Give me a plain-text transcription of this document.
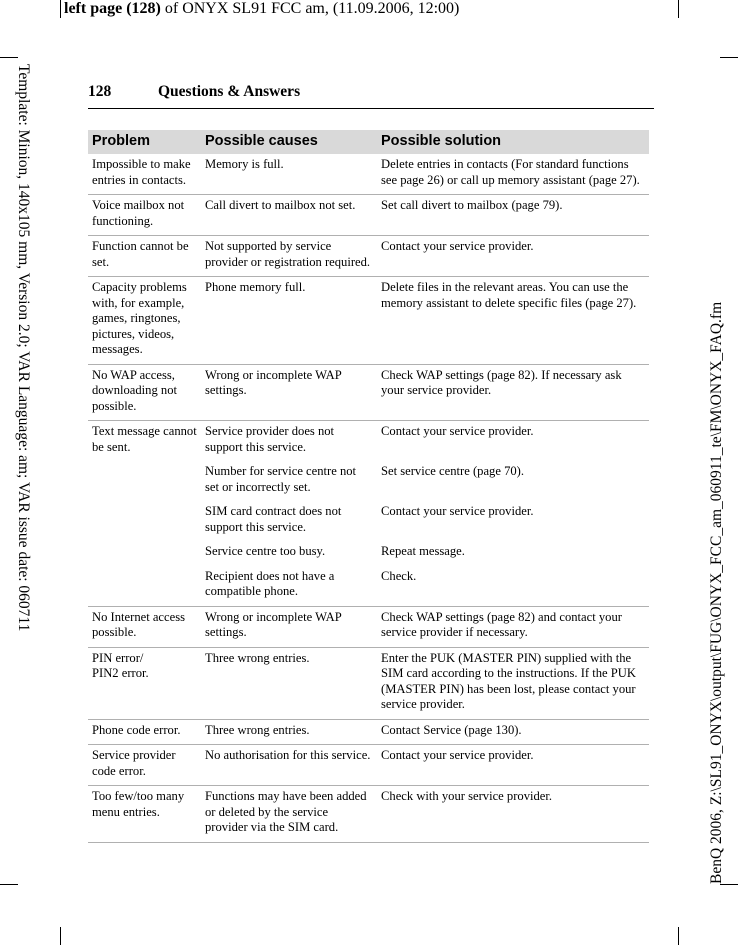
left page (128) of ONYX SL91 FCC am, (11.09.2006, 12:00)
Template: Minion, 140x105 mm, Version 2.0; VAR Language: am; VAR issue date: 060711	BenQ 2006, Z:\SL91_ONYX\output\FUG\ONYX_FCC_am_060911_te\FM\ONYX_FAQ.fm
128	Questions & Answers
Problem	Possible causes	Possible solution
Impossible to make entries in contacts.	Memory is full.	Delete entries in contacts (For standard functions see page 26) or call up memory assistant (page 27).
Voice mailbox not functioning.	Call divert to mailbox not set.	Set call divert to mailbox (page 79).
Function cannot be set.	Not supported by service provider or registration required.	Contact your service provider.
Capacity problems with, for example, games, ringtones, pictures, videos, messages.	Phone memory full.	Delete files in the relevant areas. You can use the memory assistant to delete specific files (page 27).
No WAP access, downloading not possible.	Wrong or incomplete WAP settings.	Check WAP settings (page 82). If necessary ask your service provider.
Text message cannot be sent.	Service provider does not support this service.	Contact your service provider.
	Number for service centre not set or incorrectly set.	Set service centre (page 70).
	SIM card contract does not support this service.	Contact your service provider.
	Service centre too busy.	Repeat message.
	Recipient does not have a compatible phone.	Check.
No Internet access possible.	Wrong or incomplete WAP settings.	Check WAP settings (page 82) and contact your service provider if necessary.
PIN error/
PIN2 error.	Three wrong entries.	Enter the PUK (MASTER PIN) supplied with the SIM card according to the instructions. If the PUK (MASTER PIN) has been lost, please contact your service provider.
Phone code error.	Three wrong entries.	Contact Service (page 130).
Service provider code error.	No authorisation for this service.	Contact your service provider.
Too few/too many menu entries.	Functions may have been added or deleted by the service provider via the SIM card.	Check with your service provider.
